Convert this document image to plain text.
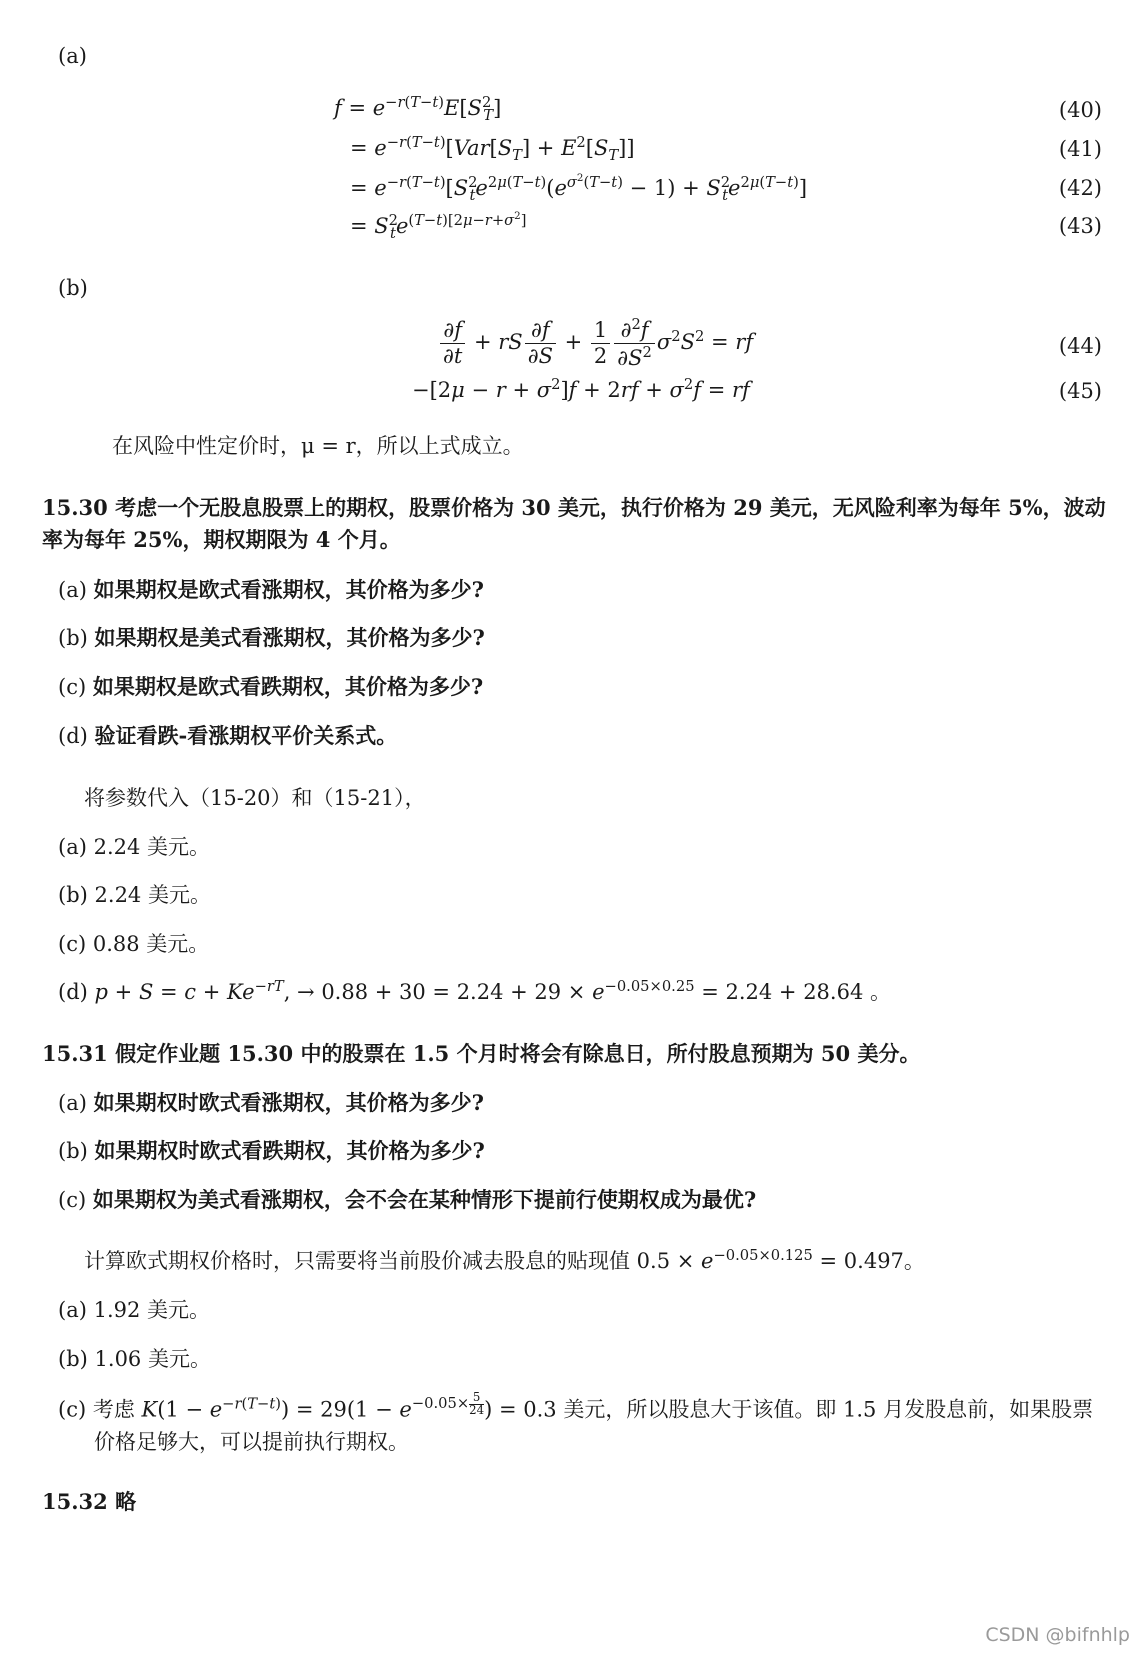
(a)
$f = e^{-r(T-t)}E[S^2_T]$	(40)
= $e^{-r(T-t)}[Var[S_T] + E^2[S_T]]$	(41)
= $e^{-r(T-t)}[S^2_te^{2\mu(T-t)}(e^{\sigma^2(T-t)} - 1) + S^2_te^{2\mu(T-t)}]$	(42)
= $S^2_te^{(T-t)[2\mu-r+\sigma^2]}$	(43)
(b)
$\frac{\partial f}{\partial t}$ + rS $\frac{\partial f}{\partial S} + \frac{1}{2} \frac{\partial^2f}{\partial S^2} \sigma^2S^2$ = rf	(44)
$-[2\mu - r + \sigma^2]f + 2rf + \sigma^2f$ = rf	(45)
在风险中性定价时，μ = r，所以上式成立。
15.30 考虑一个无股息股票上的期权，股票价格为 30 美元，执行价格为 29 美元，无风险利率为每年 5%，波动
率为每年 25%，期权期限为 4 个月。
(a) 如果期权是欧式看涨期权，其价格为多少?
(b) 如果期权是美式看涨期权，其价格为多少?
(c) 如果期权是欧式看跌期权，其价格为多少?
(d) 验证看跌-看涨期权平价关系式。
将参数代入（15-20）和（15-21），
(a) 2.24 美元。
(b) 2.24 美元。
(c) 0.88 美元。
(d) $p + S = c + Ke^{-rT}$, → $0.88 + 30 = 2.24 + 29 \times e^{-0.05\times 0.25} = 2.24 + 28.64$ 。
15.31 假定作业题 15.30 中的股票在 1.5 个月时将会有除息日，所付股息预期为 50 美分。
(a) 如果期权时欧式看涨期权，其价格为多少?
(b) 如果期权时欧式看跌期权，其价格为多少?
(c) 如果期权为美式看涨期权，会不会在某种情形下提前行使期权成为最优?
计算欧式期权价格时，只需要将当前股价减去股息的贴现值 $0.5 \times e^{-0.05\times 0.125} = 0.497$。
(a) 1.92 美元。
(b) 1.06 美元。
(c) 考虑 $K(1 - e^{-r(T-t)}) = 29(1 - e^{-0.05\times \frac{5}{24}}$ ) = 0.3 美元，所以股息大于该值。即 1.5 月发股息前，如果股票
价格足够大，可以提前执行期权。
15.32 略
CSDN @bifnhlp
